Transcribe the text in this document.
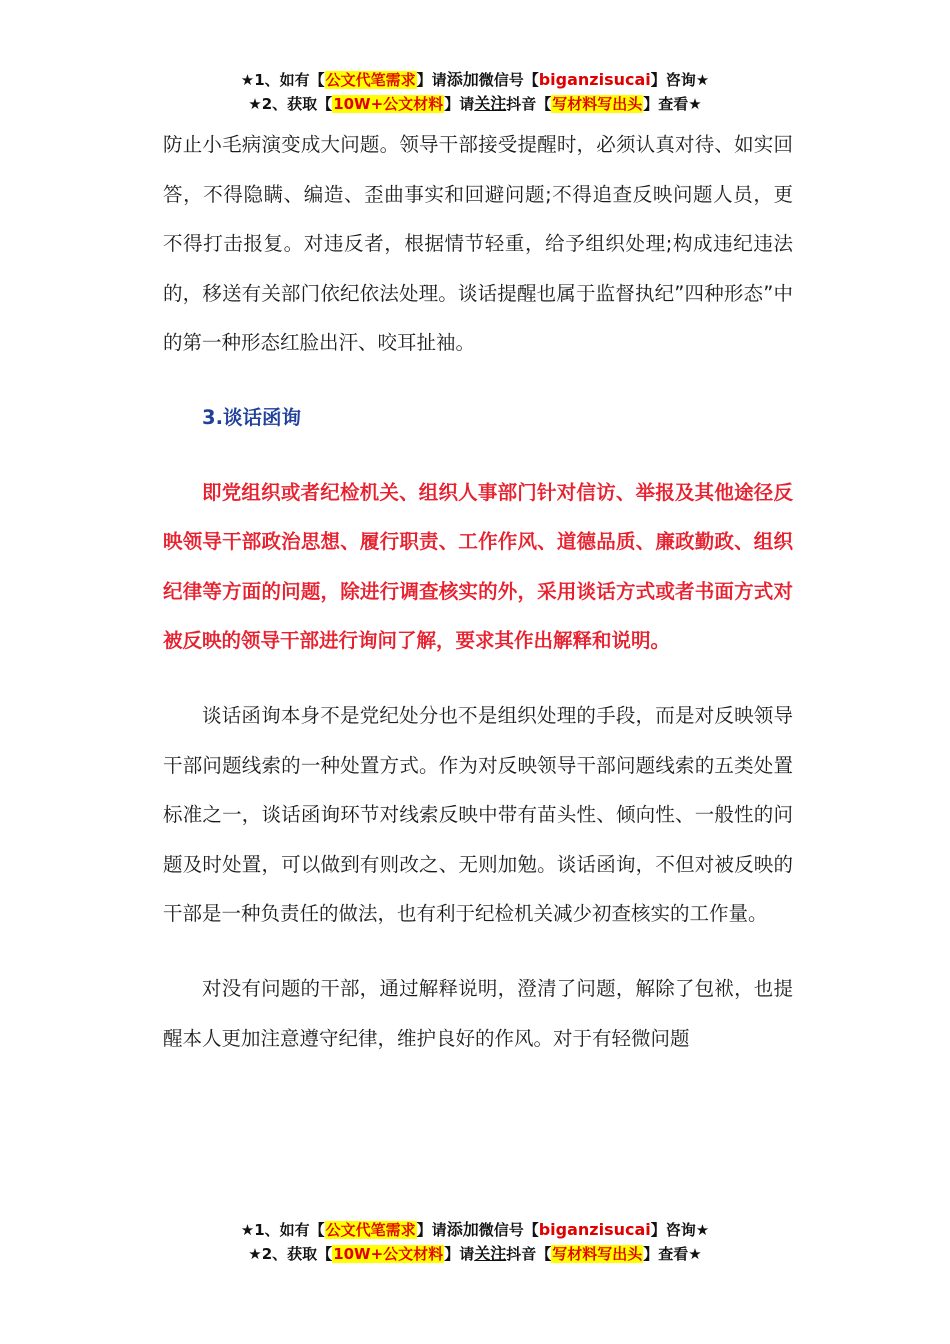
★1、如有【公文代笔需求】请添加微信号【biganzisucai】咨询★
★2、获取【10W+公文材料】请关注抖音【写材料写出头】查看★

防止小毛病演变成大问题。领导干部接受提醒时，必须认真对待、如实回答，不得隐瞒、编造、歪曲事实和回避问题;不得追查反映问题人员，更不得打击报复。对违反者，根据情节轻重，给予组织处理;构成违纪违法的，移送有关部门依纪依法处理。谈话提醒也属于监督执纪”四种形态”中的第一种形态红脸出汗、咬耳扯袖。

3.谈话函询

即党组织或者纪检机关、组织人事部门针对信访、举报及其他途径反映领导干部政治思想、履行职责、工作作风、道德品质、廉政勤政、组织纪律等方面的问题，除进行调查核实的外，采用谈话方式或者书面方式对被反映的领导干部进行询问了解，要求其作出解释和说明。

谈话函询本身不是党纪处分也不是组织处理的手段，而是对反映领导干部问题线索的一种处置方式。作为对反映领导干部问题线索的五类处置标准之一，谈话函询环节对线索反映中带有苗头性、倾向性、一般性的问题及时处置，可以做到有则改之、无则加勉。谈话函询，不但对被反映的干部是一种负责任的做法，也有利于纪检机关减少初查核实的工作量。

对没有问题的干部，通过解释说明，澄清了问题，解除了包袱，也提醒本人更加注意遵守纪律，维护良好的作风。对于有轻微问题

★1、如有【公文代笔需求】请添加微信号【biganzisucai】咨询★
★2、获取【10W+公文材料】请关注抖音【写材料写出头】查看★
